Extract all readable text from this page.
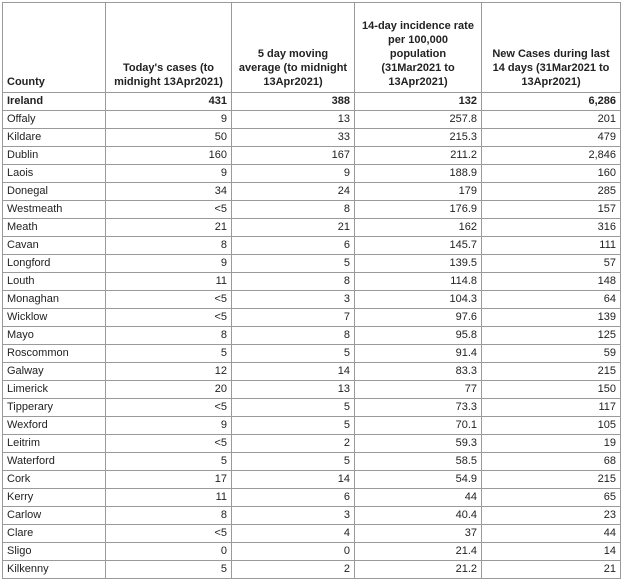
County	Today's cases (to midnight 13Apr2021)	5 day moving average (to midnight 13Apr2021)	14-day incidence rate per 100,000 population (31Mar2021 to 13Apr2021)	New Cases during last 14 days (31Mar2021 to 13Apr2021)
Ireland	431	388	132	6,286
Offaly	9	13	257.8	201
Kildare	50	33	215.3	479
Dublin	160	167	211.2	2,846
Laois	9	9	188.9	160
Donegal	34	24	179	285
Westmeath	<5	8	176.9	157
Meath	21	21	162	316
Cavan	8	6	145.7	111
Longford	9	5	139.5	57
Louth	11	8	114.8	148
Monaghan	<5	3	104.3	64
Wicklow	<5	7	97.6	139
Mayo	8	8	95.8	125
Roscommon	5	5	91.4	59
Galway	12	14	83.3	215
Limerick	20	13	77	150
Tipperary	<5	5	73.3	117
Wexford	9	5	70.1	105
Leitrim	<5	2	59.3	19
Waterford	5	5	58.5	68
Cork	17	14	54.9	215
Kerry	11	6	44	65
Carlow	8	3	40.4	23
Clare	<5	4	37	44
Sligo	0	0	21.4	14
Kilkenny	5	2	21.2	21
